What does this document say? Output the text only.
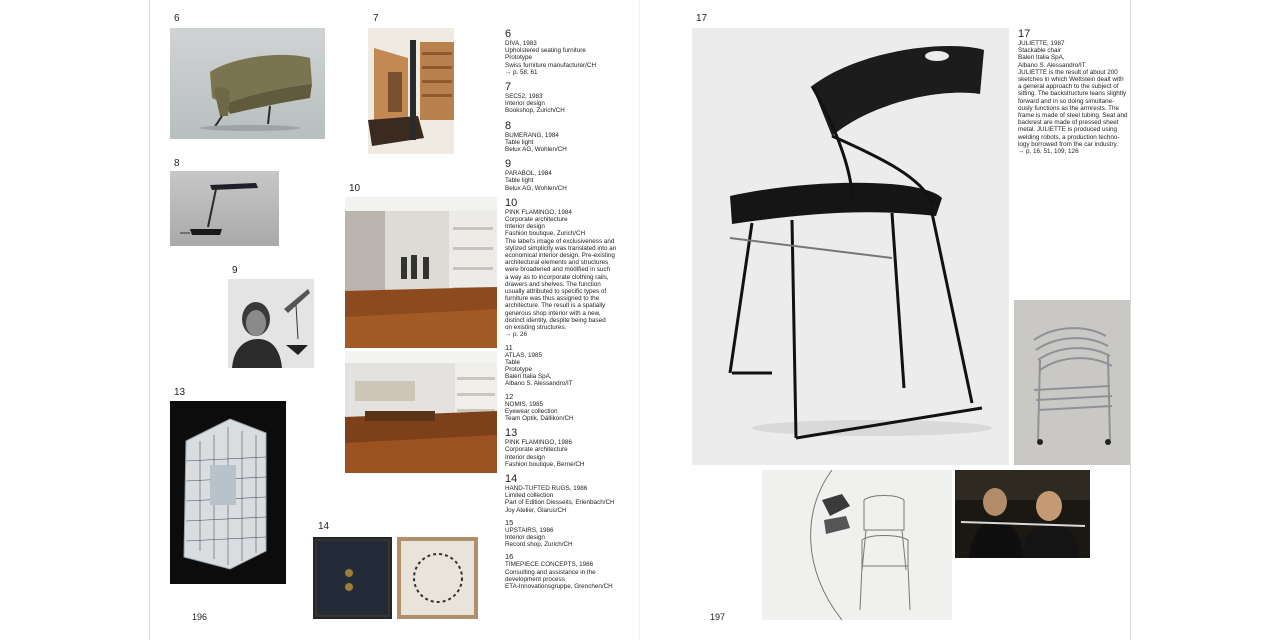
6
8
9
13
7
10
14
196
6

DIVA, 1983

Upholstered seating furniture

Prototype

Swiss furniture manufacturer/CH

→ p. 58, 61

7

SEC52, 1983

Interior design

Bookshop, Zurich/CH

8

BUMERANG, 1984

Table light

Belux AG, Wohlen/CH

9

PARABOL, 1984

Table light

Belux AG, Wohlen/CH

10

PINK FLAMINGO, 1984

Corporate architecture

Interior design

Fashion boutique, Zurich/CH

The label's image of exclusiveness and

stylized simplicity was translated into an

economical interior design. Pre-existing

architectural elements and structures

were broadened and modified in such

a way as to incorporate clothing rails,

drawers and shelves. The function

usually attributed to specific types of

furniture was thus assigned to the

architecture. The result is a spatially

generous shop interior with a new,

distinct identity, despite being based

on existing structures.

→ p. 26

11

ATLAS, 1985

Table

Prototype

Baleri Italia SpA,

Albano S. Alessandro/IT

12

NOMIS, 1985

Eyewear collection

Team Optik, Dällikon/CH

13

PINK FLAMINGO, 1986

Corporate architecture

Interior design

Fashion boutique, Berne/CH

14

HAND-TUFTED RUGS, 1986

Limited collection

Part of Edition Diesseits, Erlenbach/CH

Joy Atelier, Glarus/CH

15

UPSTAIRS, 1986

Interior design

Record shop, Zurich/CH

16

TIMEPIECE CONCEPTS, 1986

Consulting and assistance in the

development process

ETA-Innovationsgruppe, Grenchen/CH

17
17

JULIETTE, 1987

Stackable chair

Baleri Italia SpA,

Albano S. Alessandro/IT

JULIETTE is the result of about 200

sketches in which Wettstein dealt with

a general approach to the subject of

sitting. The backstructure leans slightly

forward and in so doing simultane-

ously functions as the armrests. The

frame is made of steel tubing. Seat and

backrest are made of pressed sheet

metal. JULIETTE is produced using

welding robots, a production techno-

logy borrowed from the car industry.

→ p. 16, 51, 109, 126

197
